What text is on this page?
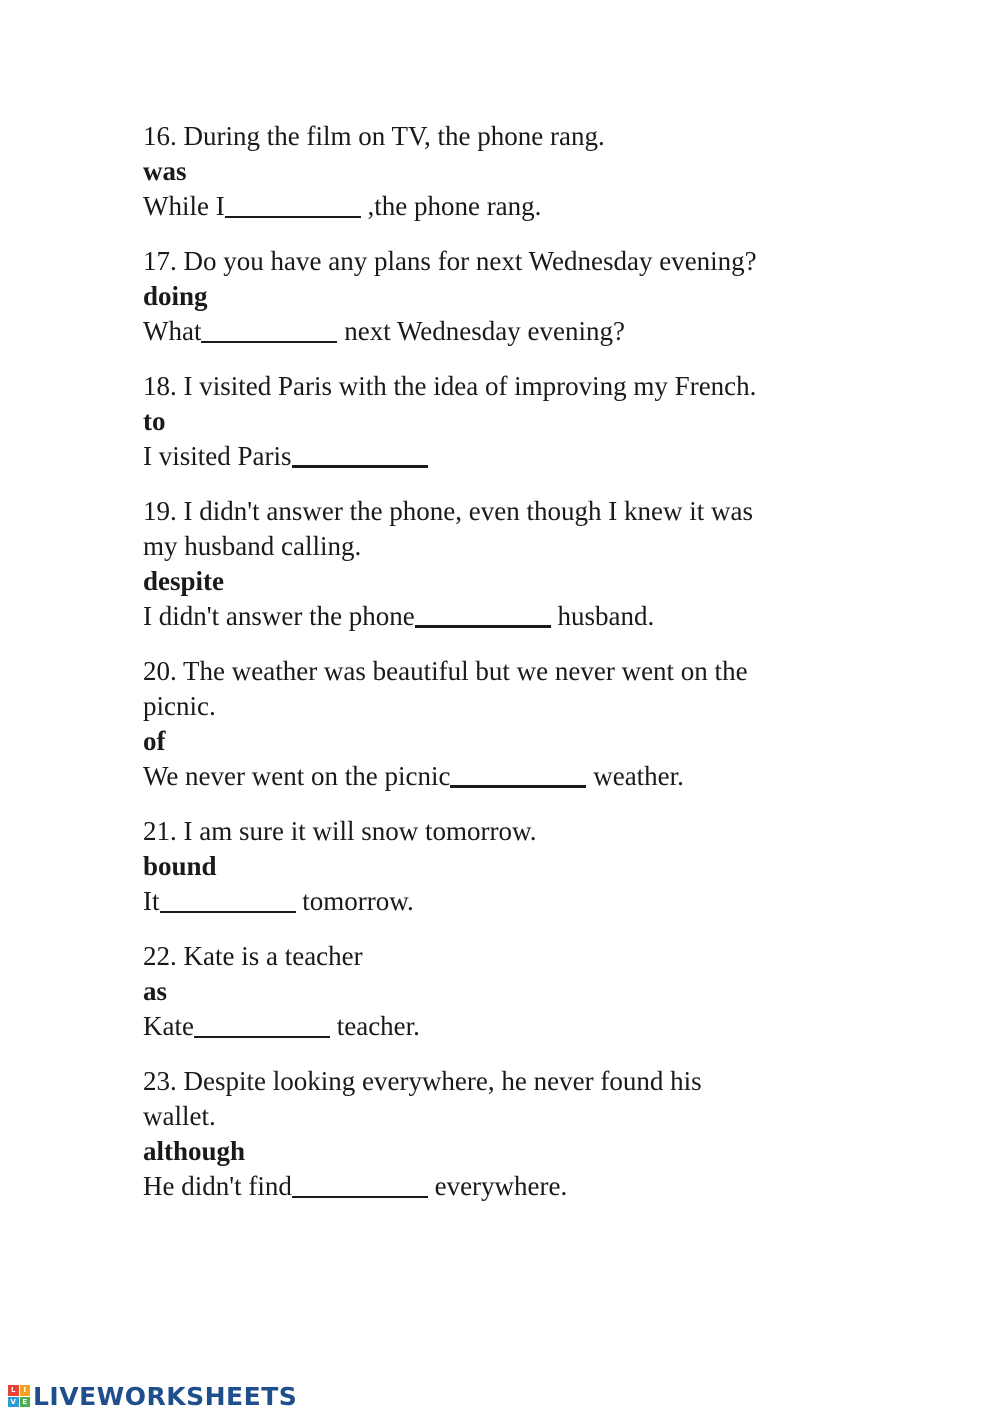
16. During the film on TV, the phone rang.
was
While I	,the phone rang.
17. Do you have any plans for next Wednesday evening?
doing
What	next Wednesday evening?
18. I visited Paris with the idea of improving my French.
to
I visited Paris
19. I didn't answer the phone, even though I knew it was
my husband calling.
despite
I didn't answer the phone	husband.
20. The weather was beautiful but we never went on the
picnic.
of
We never went on the picnic	weather.
21. I am sure it will snow tomorrow.
bound
It	tomorrow.
22. Kate is a teacher
as
Kate	teacher.
23. Despite looking everywhere, he never found his
wallet.
although
He didn't find	everywhere.
L	I
V E LIVEWORKSHEETS
